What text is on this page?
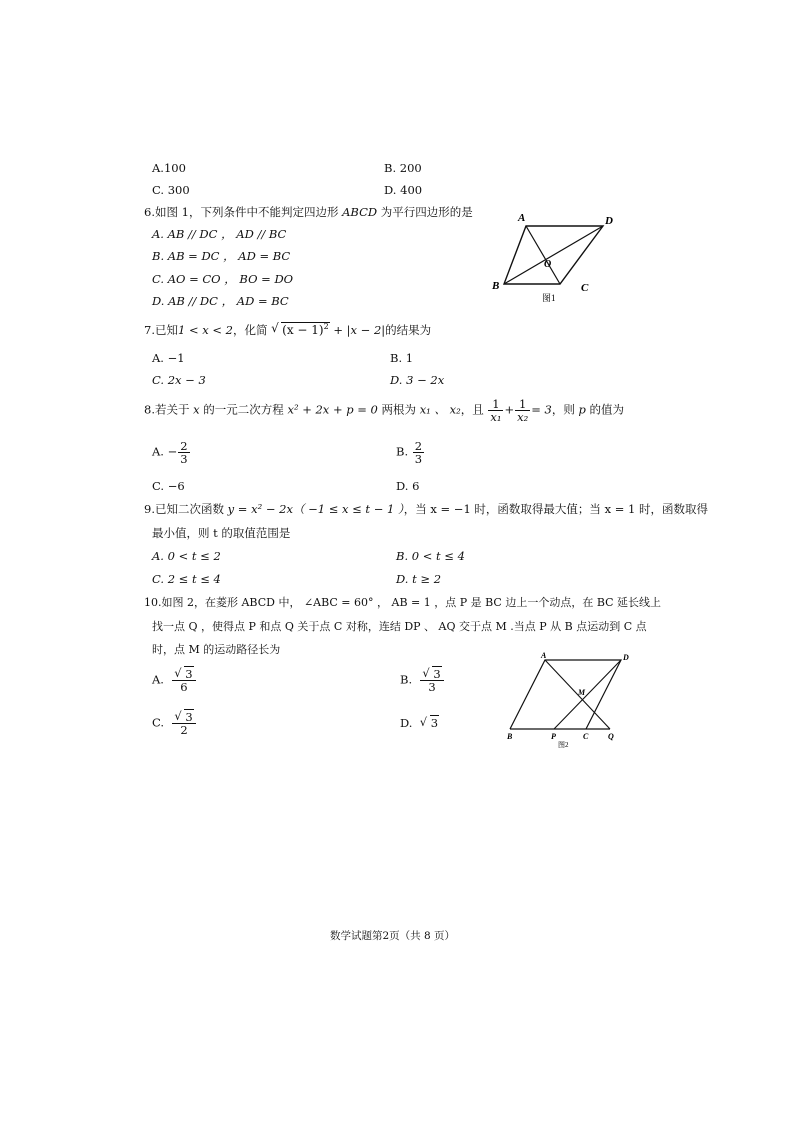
A.100	B. 200
C. 300	D. 400
6.如图 1，下列条件中不能判定四边形 ABCD 为平行四边形的是
A. AB // DC ， AD // BC
B. AB = DC ， AD = BC
C. AO = CO ， BO = DO
D. AB // DC ， AD = BC
A	D
B	C
O
图1
7.已知1 < x < 2，化简 √ $(x - 1)^2 + |x - 2|$的结果为
A. −1	B. 1
C. 2x − 3	D. 3 − 2x
8.若关于 x 的一元二次方程 x² + 2x + p = 0 两根为 x₁ 、 x₂，且 $\frac{1}{\text{x₁}} + \frac{1}{\text{x₂}} = 3$，则 p 的值为
A. − $\frac{2}{3}$	B. $\frac{2}{3}$
C. −6	D. 6
9.已知二次函数 y = x² − 2x（ −1 ≤ x ≤ t − 1 ），当 x = −1 时，函数取得最大值；当 x = 1 时，函数取得
最小值，则 t 的取值范围是
A. 0 < t ≤ 2	B. 0 < t ≤ 4
C. 2 ≤ t ≤ 4	D. t ≥ 2
10.如图 2，在菱形 ABCD 中， ∠ABC = 60° ， AB = 1 ，点 P 是 BC 边上一个动点，在 BC 延长线上
找一点 Q ，使得点 P 和点 Q 关于点 C 对称，连结 DP 、 AQ 交于点 M .当点 P 从 B 点运动到 C 点
时，点 M 的运动路径长为
A. √ $\frac{3}{6}$	B. √ $\frac{3}{3}$
C. √ $\frac{3}{2}$	D. √ 3
A	D
M
B	P	C Q
图2
数学试题第2页（共 8 页）
